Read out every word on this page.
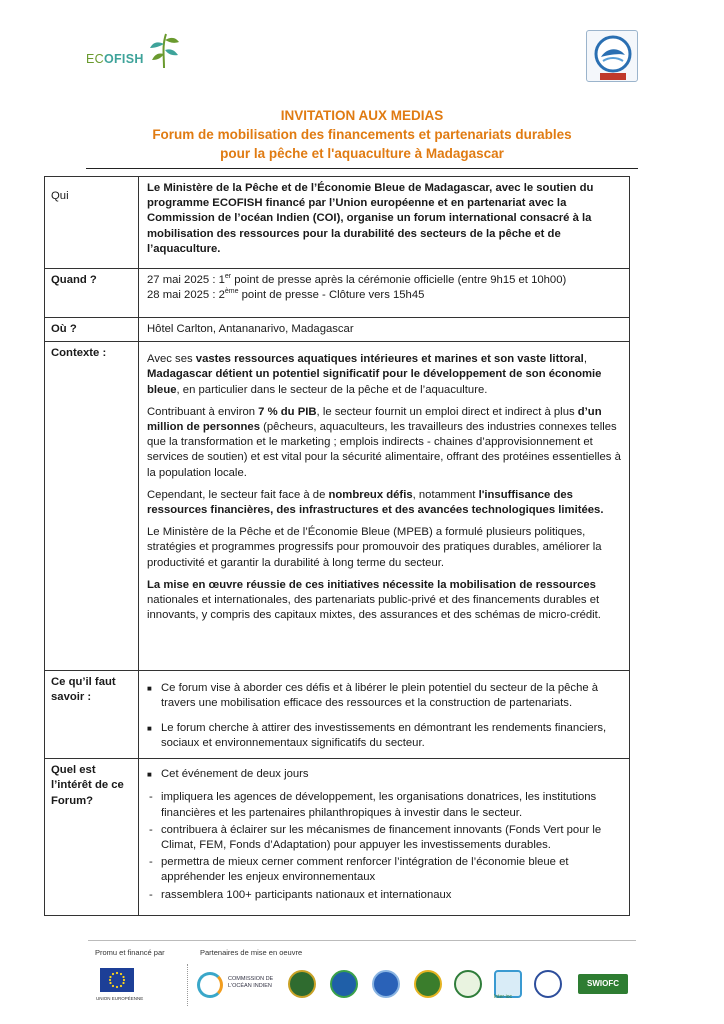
ECOFISH
INVITATION AUX MEDIAS
Forum de mobilisation des financements et partenariats durables
pour la pêche et l'aquaculture à Madagascar
Qui	Le Ministère de la Pêche et de l’Économie Bleue de Madagascar, avec le soutien du programme ECOFISH financé par l’Union européenne et en partenariat avec la Commission de l’océan Indien (COI), organise un forum international consacré à la mobilisation des ressources pour la durabilité des secteurs de la pêche et de l’aquaculture.
Quand ?	27 mai 2025 : 1er point de presse après la cérémonie officielle (entre 9h15 et 10h00)

28 mai 2025 : 2ème point de presse - Clôture vers 15h45

Où ?	Hôtel Carlton, Antananarivo, Madagascar
Contexte :	Avec ses vastes ressources aquatiques intérieures et marines et son vaste littoral, Madagascar détient un potentiel significatif pour le développement de son économie bleue, en particulier dans le secteur de la pêche et de l’aquaculture.

Contribuant à environ 7 % du PIB, le secteur fournit un emploi direct et indirect à plus d’un million de personnes (pêcheurs, aquaculteurs, les travailleurs des industries connexes telles que la transformation et le marketing ; emplois indirects - chaines d’approvisionnement et services de soutien) et est vital pour la sécurité alimentaire, offrant des protéines essentielles à la population locale.

Cependant, le secteur fait face à de nombreux défis, notamment l'insuffisance des ressources financières, des infrastructures et des avancées technologiques limitées.

Le Ministère de la Pêche et de l’Économie Bleue (MPEB) a formulé plusieurs politiques, stratégies et programmes progressifs pour promouvoir des pratiques durables, améliorer la productivité et garantir la durabilité à long terme du secteur.

La mise en œuvre réussie de ces initiatives nécessite la mobilisation de ressources nationales et internationales, des partenariats public-privé et des financements durables et innovants, y compris des capitaux mixtes, des assurances et des schémas de micro-crédit.

Ce qu’il faut savoir :	■ Ce forum vise à aborder ces défis et à libérer le plein potentiel du secteur de la pêche à travers une mobilisation efficace des ressources et la construction de partenariats.
■ Le forum cherche à attirer des investissements en démontrant les rendements financiers, sociaux et environnementaux significatifs du secteur.

Quel est l’intérêt de ce Forum?	■ Cet événement de deux jours
- impliquera les agences de développement, les organisations donatrices, les institutions financières et les partenaires philanthropiques à investir dans le secteur.
- contribuera à éclairer sur les mécanismes de financement innovants (Fonds Vert pour le Climat, FEM, Fonds d’Adaptation) pour appuyer les investissements durables.
- permettra de mieux cerner comment renforcer l’intégration de l’économie bleue et appréhender les enjeux environnementaux
- rassemblera 100+ participants nationaux et internationaux
Promu et financé par	Partenaires de mise en oeuvre
UNION EUROPÉENNE
COMMISSION DE
L'OCÉAN INDIEN
Inter-ioc
SWIOFC
